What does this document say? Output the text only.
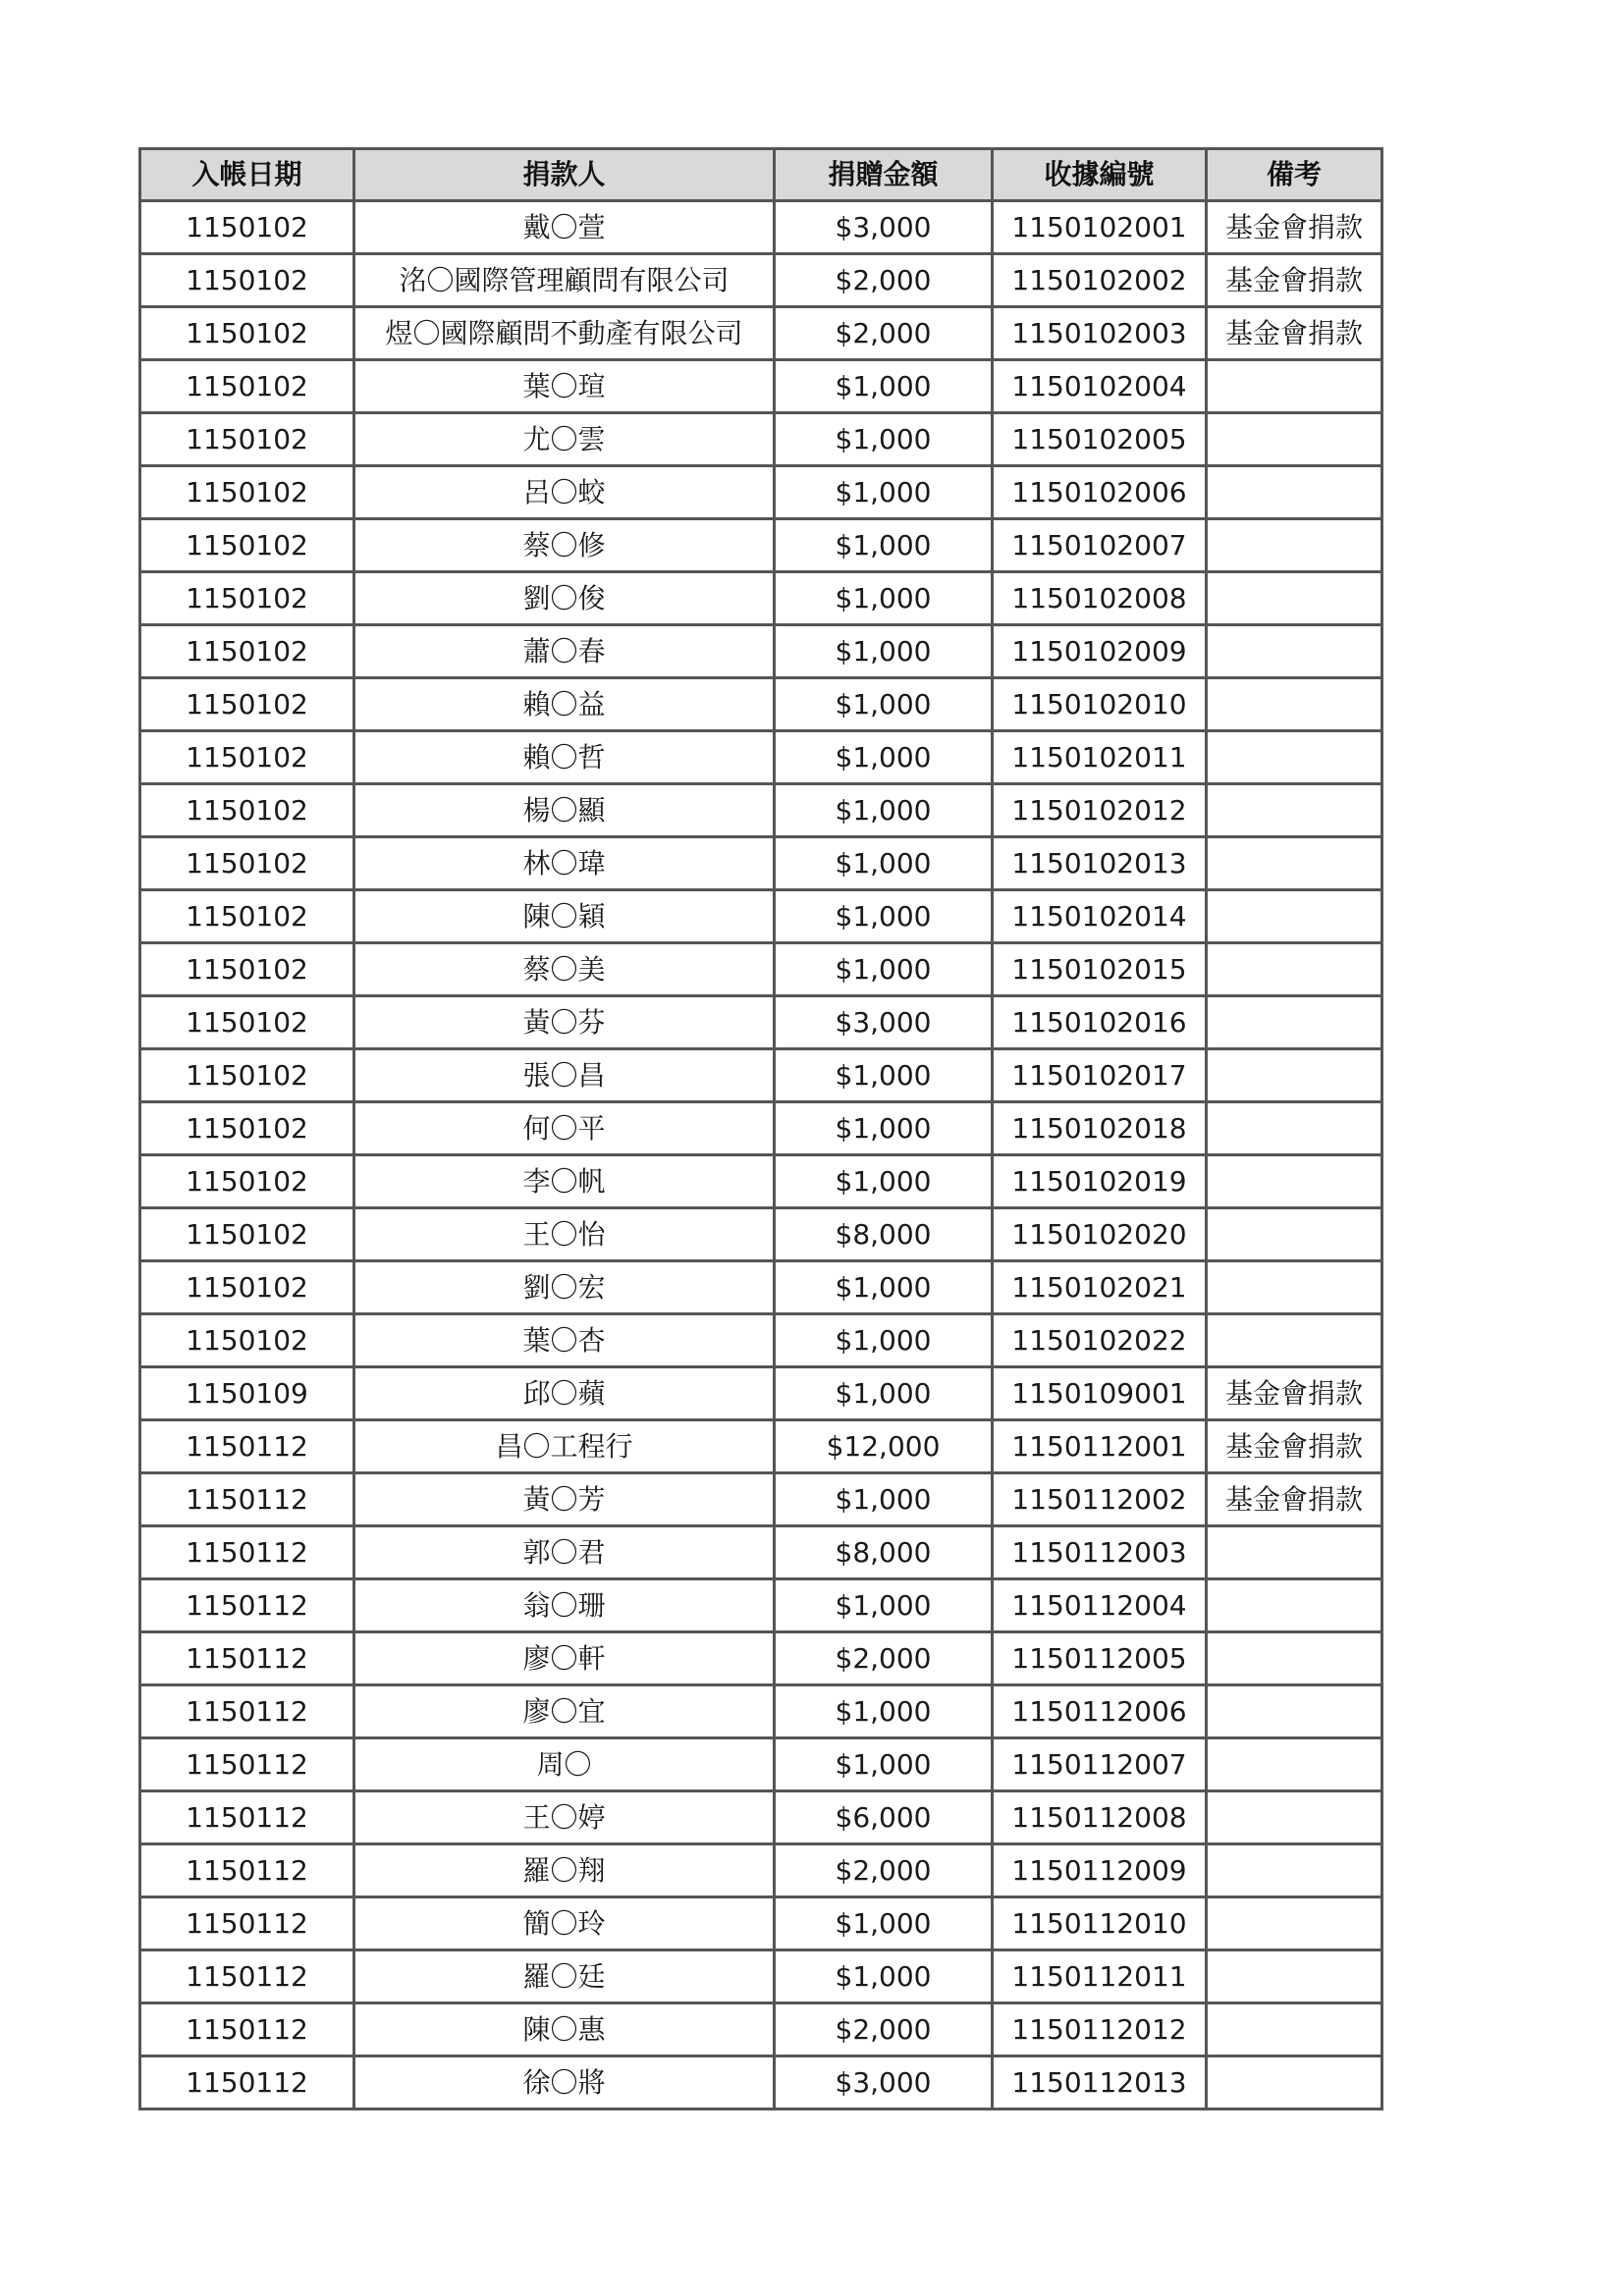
入帳日期	捐款人	捐贈金額	收據編號	備考
1150102	戴〇萱	$3,000	1150102001	基金會捐款
1150102	洺〇國際管理顧問有限公司	$2,000	1150102002	基金會捐款
1150102	煜〇國際顧問不動產有限公司	$2,000	1150102003	基金會捐款
1150102	葉〇瑄	$1,000	1150102004	
1150102	尤〇雲	$1,000	1150102005	
1150102	呂〇蛟	$1,000	1150102006	
1150102	蔡〇修	$1,000	1150102007	
1150102	劉〇俊	$1,000	1150102008	
1150102	蕭〇春	$1,000	1150102009	
1150102	賴〇益	$1,000	1150102010	
1150102	賴〇哲	$1,000	1150102011	
1150102	楊〇顯	$1,000	1150102012	
1150102	林〇瑋	$1,000	1150102013	
1150102	陳〇穎	$1,000	1150102014	
1150102	蔡〇美	$1,000	1150102015	
1150102	黃〇芬	$3,000	1150102016	
1150102	張〇昌	$1,000	1150102017	
1150102	何〇平	$1,000	1150102018	
1150102	李〇帆	$1,000	1150102019	
1150102	王〇怡	$8,000	1150102020	
1150102	劉〇宏	$1,000	1150102021	
1150102	葉〇杏	$1,000	1150102022	
1150109	邱〇蘋	$1,000	1150109001	基金會捐款
1150112	昌〇工程行	$12,000	1150112001	基金會捐款
1150112	黃〇芳	$1,000	1150112002	基金會捐款
1150112	郭〇君	$8,000	1150112003	
1150112	翁〇珊	$1,000	1150112004	
1150112	廖〇軒	$2,000	1150112005	
1150112	廖〇宜	$1,000	1150112006	
1150112	周〇	$1,000	1150112007	
1150112	王〇婷	$6,000	1150112008	
1150112	羅〇翔	$2,000	1150112009	
1150112	簡〇玲	$1,000	1150112010	
1150112	羅〇廷	$1,000	1150112011	
1150112	陳〇惠	$2,000	1150112012	
1150112	徐〇將	$3,000	1150112013	
